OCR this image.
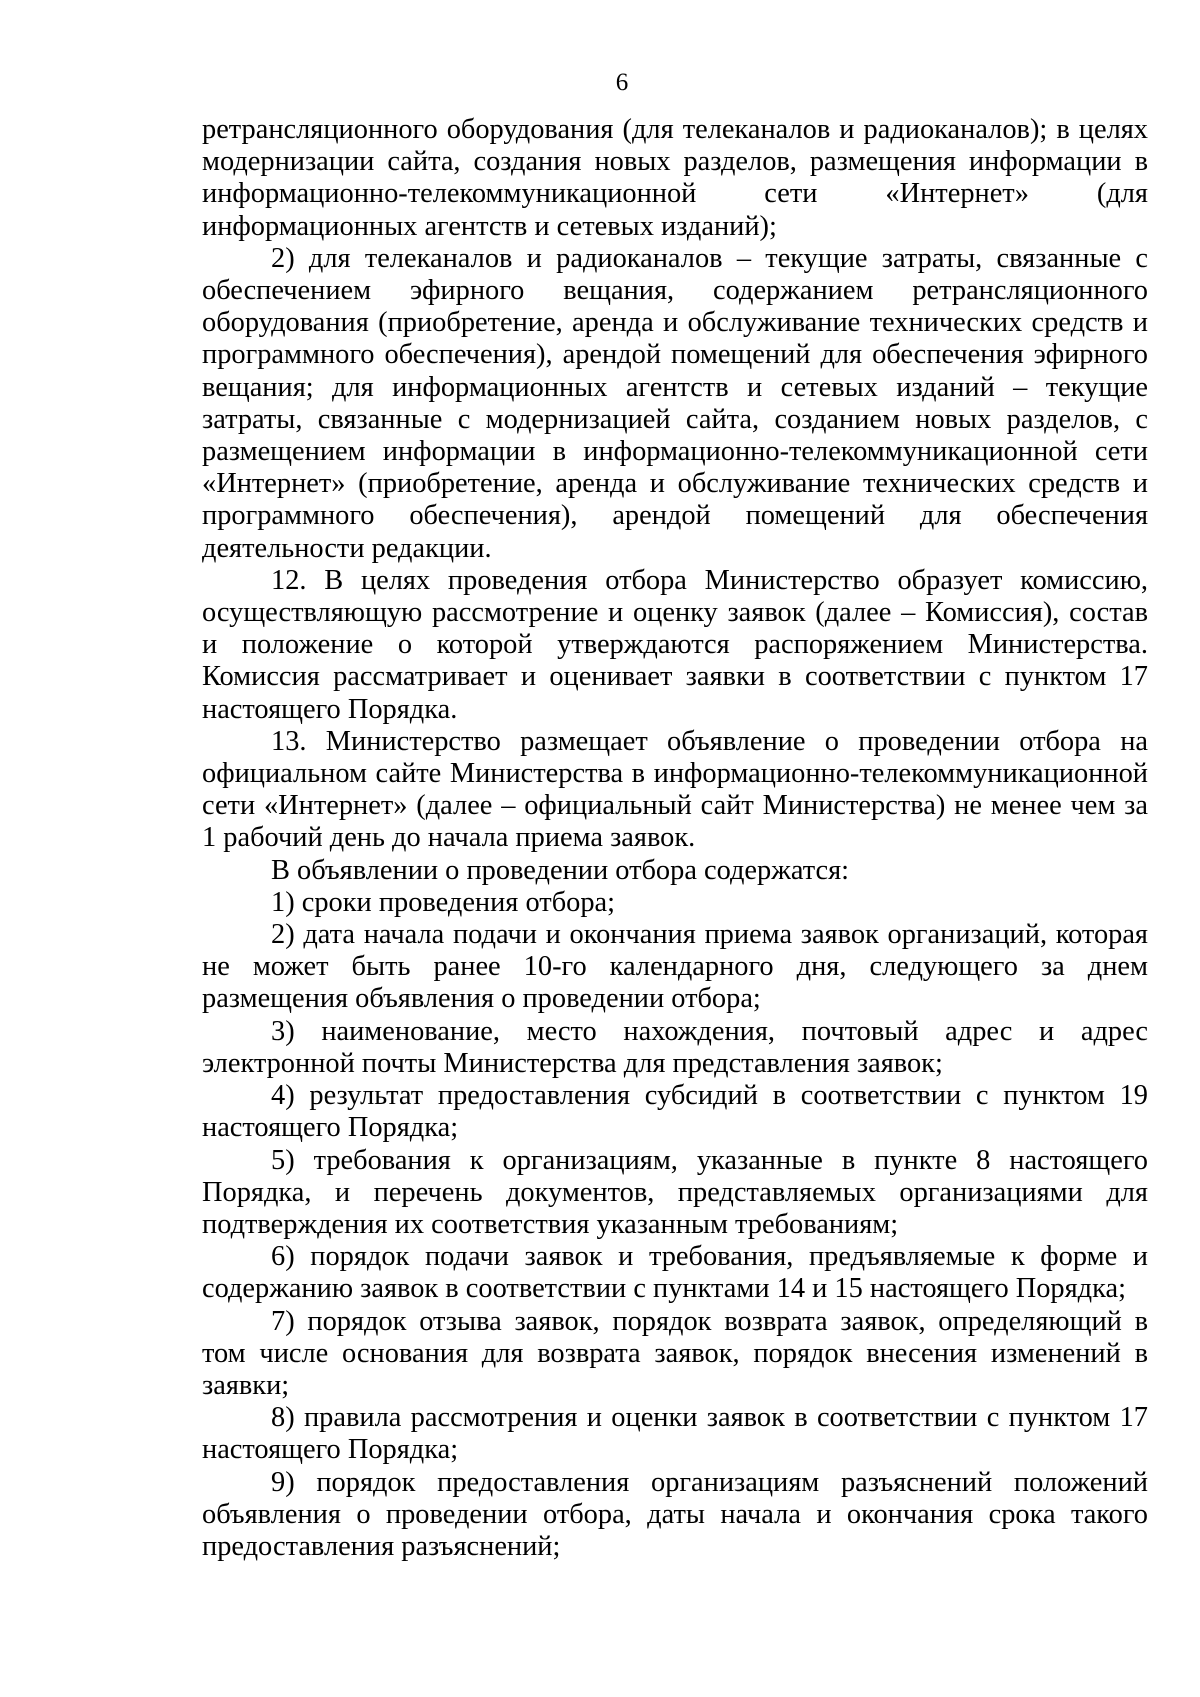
6

ретрансляционного оборудования (для телеканалов и радиоканалов); в целях модернизации сайта, создания новых разделов, размещения информации в информационно-телекоммуникационной сети «Интернет» (для информационных агентств и сетевых изданий);

2) для телеканалов и радиоканалов – текущие затраты, связанные с обеспечением эфирного вещания, содержанием ретрансляционного оборудования (приобретение, аренда и обслуживание технических средств и программного обеспечения), арендой помещений для обеспечения эфирного вещания; для информационных агентств и сетевых изданий – текущие затраты, связанные с модернизацией сайта, созданием новых разделов, с размещением информации в информационно-телекоммуникационной сети «Интернет» (приобретение, аренда и обслуживание технических средств и программного обеспечения), арендой помещений для обеспечения деятельности редакции.

12. В целях проведения отбора Министерство образует комиссию, осуществляющую рассмотрение и оценку заявок (далее – Комиссия), состав и положение о которой утверждаются распоряжением Министерства. Комиссия рассматривает и оценивает заявки в соответствии с пунктом 17 настоящего Порядка.

13. Министерство размещает объявление о проведении отбора на официальном сайте Министерства в информационно-телекоммуникационной сети «Интернет» (далее – официальный сайт Министерства) не менее чем за 1 рабочий день до начала приема заявок.

В объявлении о проведении отбора содержатся:

1) сроки проведения отбора;

2) дата начала подачи и окончания приема заявок организаций, которая не может быть ранее 10-го календарного дня, следующего за днем размещения объявления о проведении отбора;

3) наименование, место нахождения, почтовый адрес и адрес электронной почты Министерства для представления заявок;

4) результат предоставления субсидий в соответствии с пунктом 19 настоящего Порядка;

5) требования к организациям, указанные в пункте 8 настоящего Порядка, и перечень документов, представляемых организациями для подтверждения их соответствия указанным требованиям;

6) порядок подачи заявок и требования, предъявляемые к форме и содержанию заявок в соответствии с пунктами 14 и 15 настоящего Порядка;

7) порядок отзыва заявок, порядок возврата заявок, определяющий в том числе основания для возврата заявок, порядок внесения изменений в заявки;

8) правила рассмотрения и оценки заявок в соответствии с пунктом 17 настоящего Порядка;

9) порядок предоставления организациям разъяснений положений объявления о проведении отбора, даты начала и окончания срока такого предоставления разъяснений;
